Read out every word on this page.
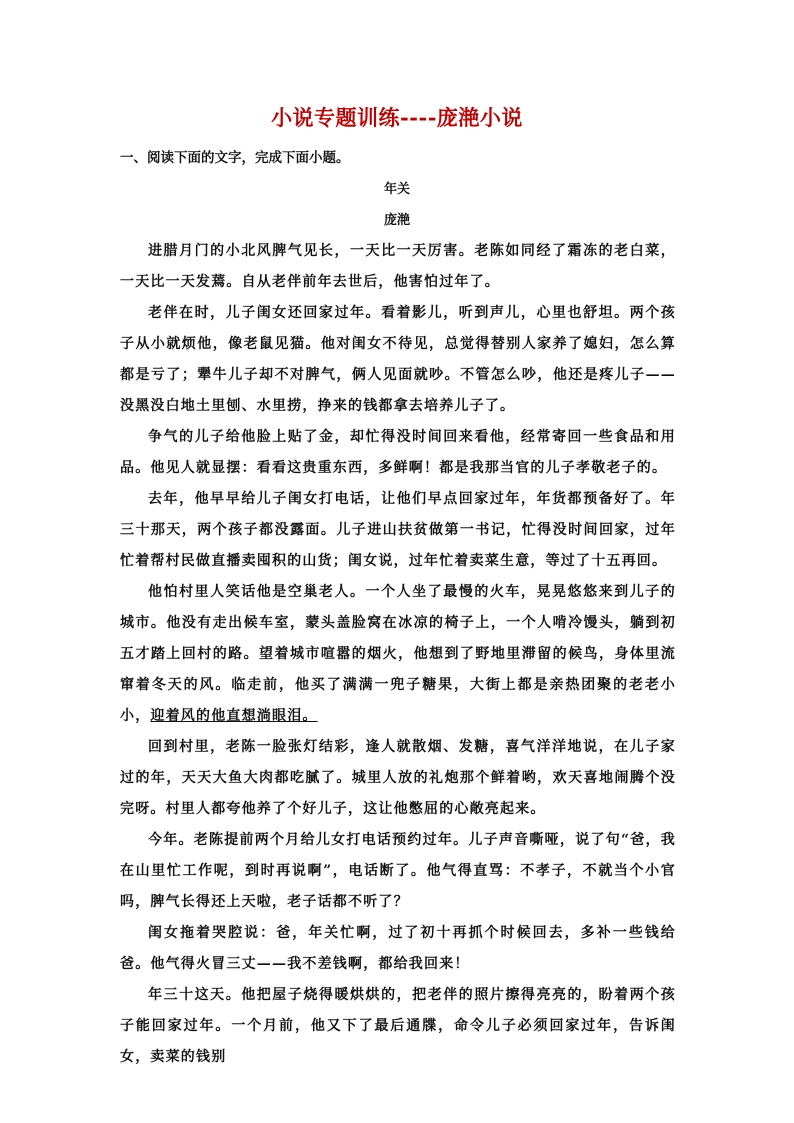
小说专题训练----庞滟小说
一、阅读下面的文字，完成下面小题。
年关
庞滟

进腊月门的小北风脾气见长，一天比一天厉害。老陈如同经了霜冻的老白菜，一天比一天发蔫。自从老伴前年去世后，他害怕过年了。

老伴在时，儿子闺女还回家过年。看着影儿，听到声儿，心里也舒坦。两个孩子从小就烦他，像老鼠见猫。他对闺女不待见，总觉得替别人家养了媳妇，怎么算都是亏了；犟牛儿子却不对脾气，俩人见面就吵。不管怎么吵，他还是疼儿子——没黑没白地土里刨、水里捞，挣来的钱都拿去培养儿子了。

争气的儿子给他脸上贴了金，却忙得没时间回来看他，经常寄回一些食品和用品。他见人就显摆：看看这贵重东西，多鲜啊！都是我那当官的儿子孝敬老子的。

去年，他早早给儿子闺女打电话，让他们早点回家过年，年货都预备好了。年三十那天，两个孩子都没露面。儿子进山扶贫做第一书记，忙得没时间回家，过年忙着帮村民做直播卖囤积的山货；闺女说，过年忙着卖菜生意，等过了十五再回。

他怕村里人笑话他是空巢老人。一个人坐了最慢的火车，晃晃悠悠来到儿子的城市。他没有走出候车室，蒙头盖脸窝在冰凉的椅子上，一个人啃冷馒头，躺到初五才踏上回村的路。望着城市喧嚣的烟火，他想到了野地里滞留的候鸟，身体里流窜着冬天的风。临走前，他买了满满一兜子糖果，大街上都是亲热团聚的老老小小，迎着风的他直想淌眼泪。

回到村里，老陈一脸张灯结彩，逢人就散烟、发糖，喜气洋洋地说，在儿子家过的年，天天大鱼大肉都吃腻了。城里人放的礼炮那个鲜着哟，欢天喜地闹腾个没完呀。村里人都夸他养了个好儿子，这让他憋屈的心敞亮起来。

今年。老陈提前两个月给儿女打电话预约过年。儿子声音嘶哑，说了句“爸，我在山里忙工作呢，到时再说啊”，电话断了。他气得直骂：不孝子，不就当个小官吗，脾气长得还上天啦，老子话都不听了？

闺女拖着哭腔说：爸，年关忙啊，过了初十再抓个时候回去，多补一些钱给爸。他气得火冒三丈——我不差钱啊，都给我回来！

年三十这天。他把屋子烧得暖烘烘的，把老伴的照片擦得亮亮的，盼着两个孩子能回家过年。一个月前，他又下了最后通牒，命令儿子必须回家过年，告诉闺女，卖菜的钱别
